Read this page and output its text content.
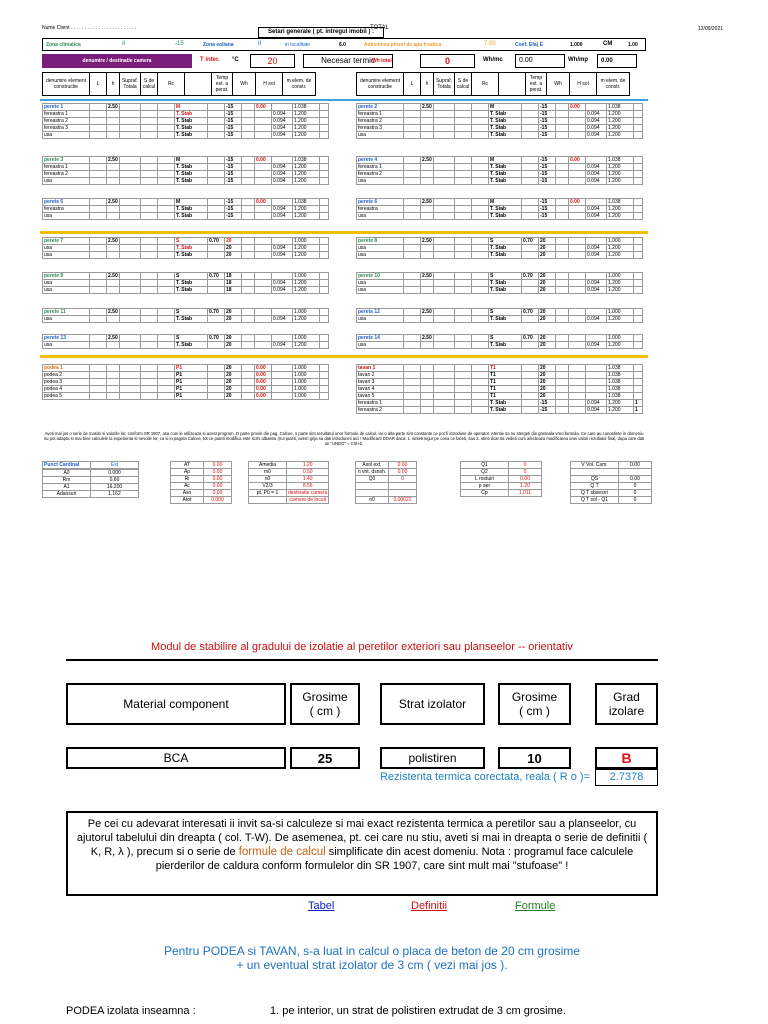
Nume Client . . . . . . . . . . . . . . . . . . . . . . . .
Setari generale ( pt. intregul imobil ) :
TOTAL	12/09/2021
Zona climatica	II	-15	Zona eoliana	II	in localitate	6.0	Adincimea pinzei de apa freatica	7.00	Coef. Efa) E	1.000	CM	1.00
denumire / destinatie camera	T inter. °C	20	Necesar termic
Wh total	0	Wh/mc	0.00	Wh/mp	0.00
denumire element constructie	L	h	Supraf. Totala	S de calcul	Rc		Temp ext. a perat.	Wh	H sol	m elem. de constr.
denumire element constructie	L	h	Supraf. Totala	S de calcul	Rc		Temp ext. a perat.	Wh	H sol	m elem. de constr.
perete 1		2.50				M		-15		0.00		1.038	
fereastra 1						T. Stab		-15			0.094	1.200	
fereastra 2						T. Stab		-15			0.094	1.200	
fereastra 3						T. Stab		-15			0.094	1.200	
usa						T. Stab		-15			0.094	1.200	
perete 3		2.50				M		-15		0.00		1.038	
fereastra 1						T. Stab		-15			0.094	1.200	
fereastra 2						T. Stab		-15			0.094	1.200	
usa						T. Stab		-15			0.094	1.200	
perete 5		2.50				M		-15		0.00		1.038	
fereastra						T. Stab		-15			0.094	1.200	
usa						T. Stab		-15			0.094	1.200	
perete 7		2.50				S	0.70	20				1.000	
usa						T. Stab		20			0.094	1.200	
usa						T. Stab		20			0.094	1.200	
perete 9		2.50				S	0.70	18				1.000	
usa						T. Stab		18			0.094	1.200	
usa						T. Stab		18			0.094	1.200	
perete 11		2.50				S	0.70	20				1.000	
usa						T. Stab		20			0.094	1.200	
perete 13		2.50				S	0.70	20				1.000	
usa						T. Stab		20			0.094	1.200	
podea 1						P1		20		0.00		1.000	
podea 2						P1		20		0.00		1.000	
podea 3						P1		20		0.00		1.000	
podea 4						P1		20		0.00		1.000	
podea 5						P1		20		0.00		1.000	
perete 2		2.50				M		-15		0.00		1.038	
fereastra 1						T. Stab		-15			0.094	1.200	
fereastra 2						T. Stab		-15			0.094	1.200	
fereastra 3						T. Stab		-15			0.094	1.200	
usa						T. Stab		-15			0.094	1.200	
perete 4		2.50				M		-15		0.00		1.038	
fereastra 1						T. Stab		-15			0.094	1.200	
fereastra 2						T. Stab		-15			0.094	1.200	
usa						T. Stab		-15			0.094	1.200	
perete 6		2.50				M		-15		0.00		1.038	
fereastra						T. Stab		-15			0.094	1.200	
usa						T. Stab		-15			0.094	1.200	
perete 8		2.50				S	0.70	20				1.000	
usa						T. Stab		20			0.094	1.200	
usa						T. Stab		20			0.094	1.200	
perete 10		2.50				S	0.70	20				1.000	
usa						T. Stab		20			0.094	1.200	
usa						T. Stab		20			0.094	1.200	
perete 12		2.50				S	0.70	20				1.000	
usa						T. Stab		20			0.094	1.200	
perete 14		2.50				S	0.70	20				1.000	
usa						T. Stab		20			0.094	1.200	
tavan 1						T1		20				1.038	
tavan 2						T1		20				1.038	
tavan 3						T1		20				1.038	
tavan 4						T1		20				1.038	
tavan 5						T1		20				1.038	
fereastra 1						T. Stab		-15			0.094	1.200	1
fereastra 2						T. Stab		-15			0.094	1.200	1
Aveti mai jos o serie de masini si valorile lor, conform SR 1907, asa cum le utilizeaza si acest program. O parte provin din pag. Calcee, o parte sint rezultatul unor formule de calcul, iar o alta parte sint constante ce pot fi introduse de operator. Atentie sa nu stergeti din greseala vreo formula. Ce care au cunostinte in domeniu nu pot adapta si mai bine calculele la experienta si nevoile lor, ca si in pagina Calcee, tot ce puteti modifica este scris albastru (nul puteti, avem grija sa dati introduceti aici ! Modificarti DOAR daca: 1. sinteti sigur pe ceea ce faceti, sau 2. stinti dcar sa vedeti cum afecteaza modificarea unei valori rezultatul final, dupa care dati un "UNDO" = Ctrl+Z.
Punct Cardinal	Est
A0	0.000
Rm	0.60
A1	16.200
Adaosuri	1.162
AT	0.00
Ap	0.00
Ri	0.00
Ac	0.00
Aso	0.00
Atot	0.000
Amedia	1.20
m0	0.50
n0	1.40
V2/3	8.55
pt. P0 = 1	destinatie camera
	camere de locuit
Asol ext.	0.00
n vnt. dsnsh.	0.00
Q0	0

n0	0.00022
Q1	0
Q2	0
L rostuiri	0.00
p aer	1.20
Cp	1.011
V Vol. Cam.	0.00

QS	0.00
Q T	0
Q T sbsesrri	0
Q T sol - Q1	0
Modul de stabilire al gradului de izolatie al peretilor exteriori sau planseelor -- orientativ
Material component	Grosime
( cm )	Strat izolator	Grosime
( cm )
Grad izolare
BCA	25	polistiren	10	B
Rezistenta termica corectata, reala ( R o )=	2.7378
Pe cei cu adevarat interesati ii invit sa-si calculeze si mai exact rezistenta termica a peretilor sau a planseelor, cu ajutorul tabelului din dreapta ( col. T-W). De asemenea, pt. cei care nu stiu, aveti si mai in dreapta o serie de definitii ( K, R, λ ), precum si o serie de formule de calcul simplificate din acest domeniu. Nota : programul face calculele pierderilor de caldura conform formulelor din SR 1907, care sint mult mai "stufoase" !
Tabel	Definitii	Formule
Pentru PODEA si TAVAN, s-a luat in calcul o placa de beton de 20 cm grosime
+ un eventual strat izolator de 3 cm ( vezi mai jos ).
PODEA izolata inseamna :	1. pe interior, un strat de polistiren extrudat de 3 cm grosime.
